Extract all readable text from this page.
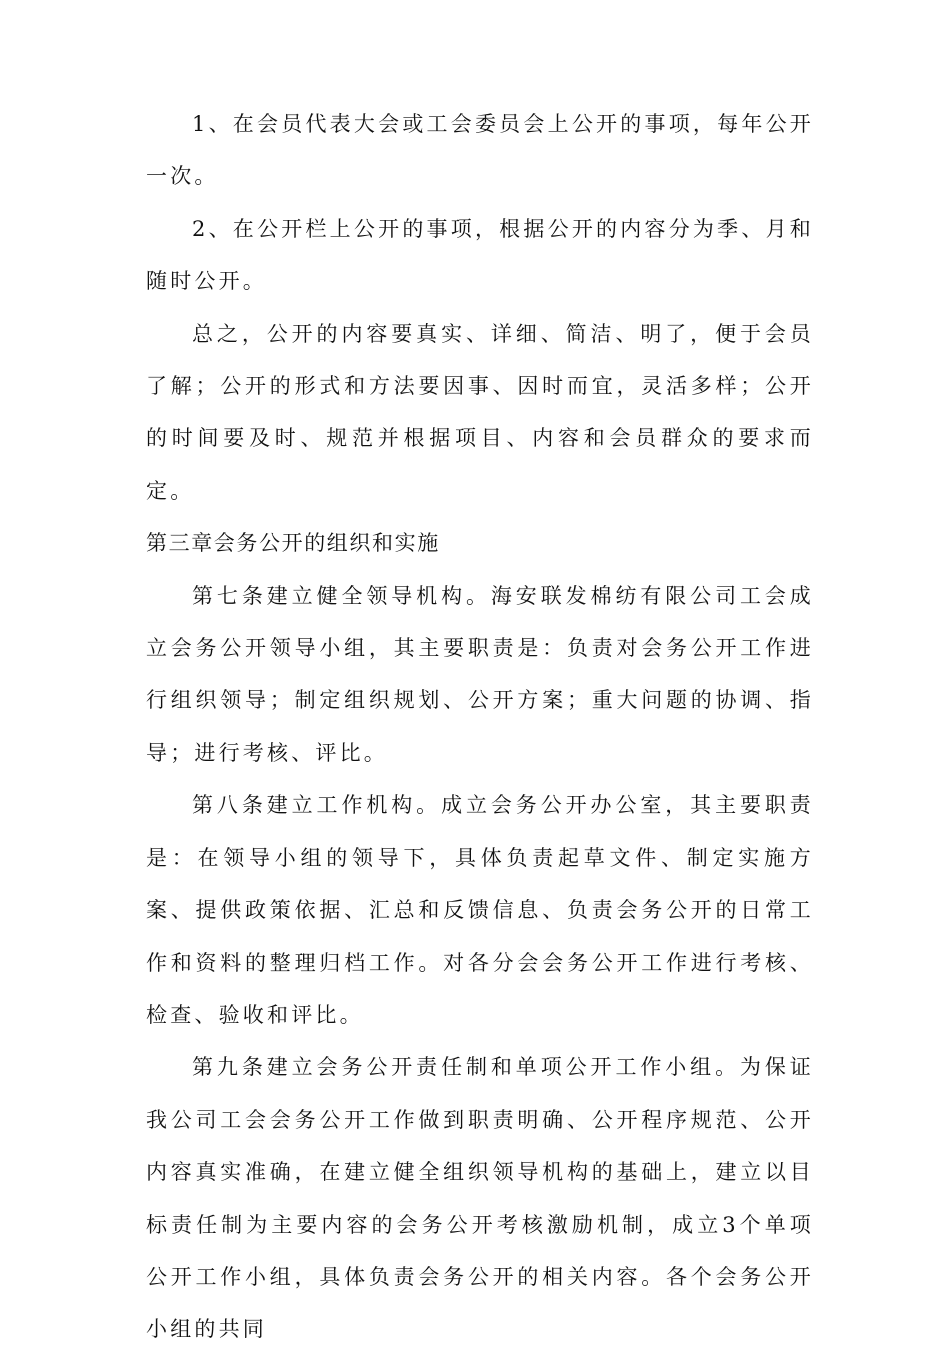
1、在会员代表大会或工会委员会上公开的事项，每年公开一次。

2、在公开栏上公开的事项，根据公开的内容分为季、月和随时公开。

总之，公开的内容要真实、详细、简洁、明了，便于会员了解；公开的形式和方法要因事、因时而宜，灵活多样；公开的时间要及时、规范并根据项目、内容和会员群众的要求而定。

第三章会务公开的组织和实施

第七条建立健全领导机构。海安联发棉纺有限公司工会成立会务公开领导小组，其主要职责是：负责对会务公开工作进行组织领导；制定组织规划、公开方案；重大问题的协调、指导；进行考核、评比。

第八条建立工作机构。成立会务公开办公室，其主要职责是：在领导小组的领导下，具体负责起草文件、制定实施方案、提供政策依据、汇总和反馈信息、负责会务公开的日常工作和资料的整理归档工作。对各分会会务公开工作进行考核、检查、验收和评比。

第九条建立会务公开责任制和单项公开工作小组。为保证我公司工会会务公开工作做到职责明确、公开程序规范、公开内容真实准确，在建立健全组织领导机构的基础上，建立以目标责任制为主要内容的会务公开考核激励机制，成立3个单项公开工作小组，具体负责会务公开的相关内容。各个会务公开小组的共同
